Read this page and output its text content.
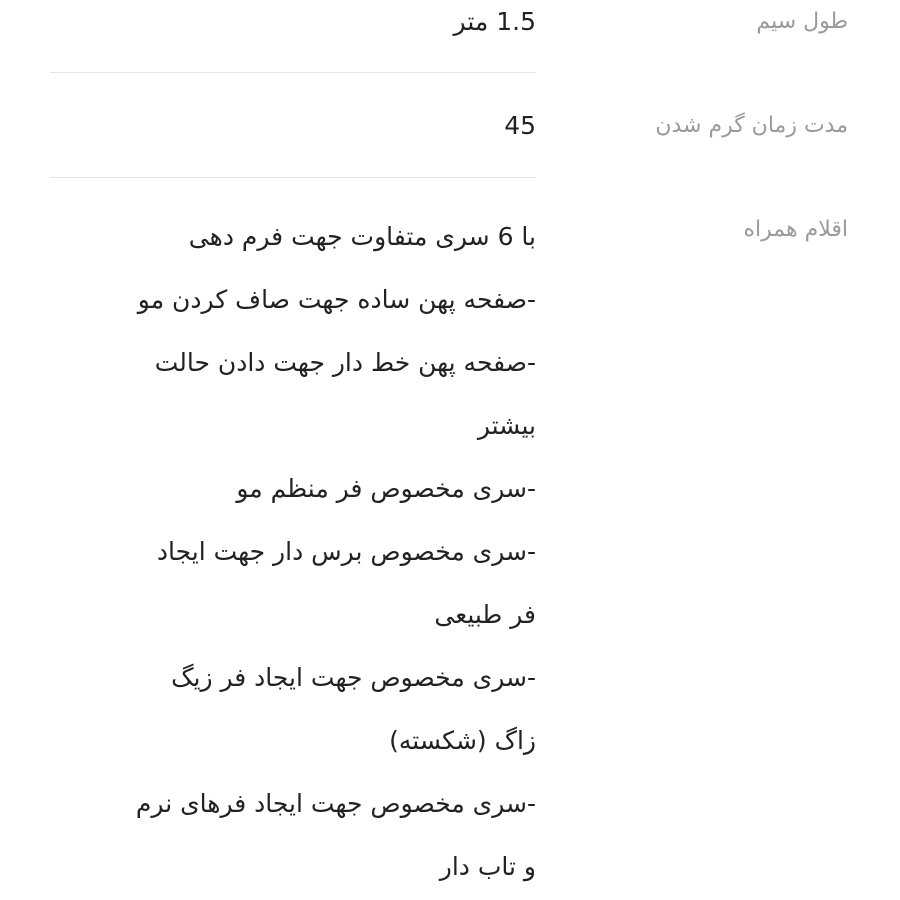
طول سیم
1.5 متر
مدت زمان گرم شدن
45
اقلام همراه
با 6 سری متفاوت جهت فرم دهی
-صفحه پهن ساده جهت صاف کردن مو
-صفحه پهن خط دار جهت دادن حالت
بیشتر
-سری مخصوص فر منظم مو
-سری مخصوص برس دار جهت ایجاد
فر طبیعی
-سری مخصوص جهت ایجاد فر زیگ
زاگ (شکسته)
-سری مخصوص جهت ایجاد فرهای نرم
و تاب دار
